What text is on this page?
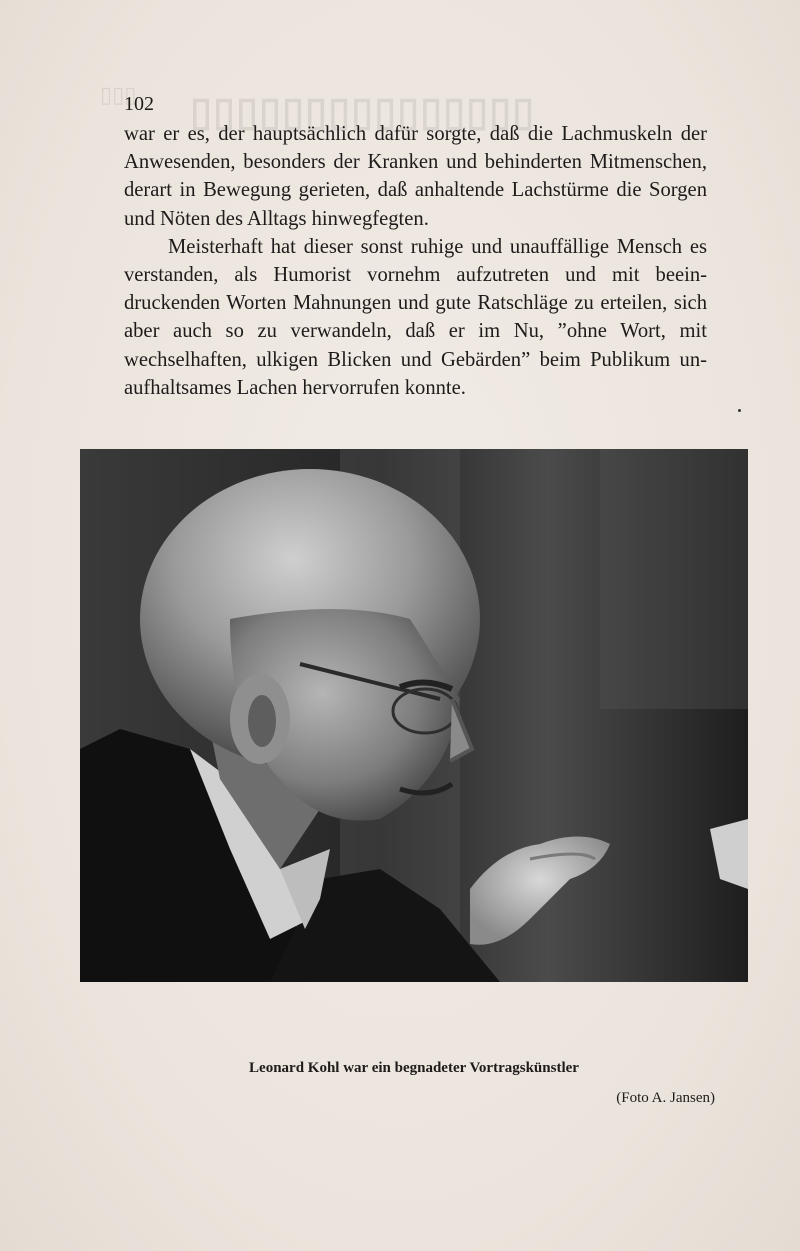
▯▯▯ ▯▯▯▯▯▯▯▯▯▯▯▯▯▯▯
102

war er es, der hauptsächlich dafür sorgte, daß die Lachmuskeln der Anwesenden, besonders der Kranken und behinderten Mitmenschen, derart in Bewegung gerieten, daß anhaltende Lachstürme die Sorgen und Nöten des Alltags hinwegfegten.

Meisterhaft hat dieser sonst ruhige und unauffällige Mensch es verstanden, als Humorist vornehm aufzutreten und mit beeindruckenden Worten Mahnungen und gute Ratschläge zu erteilen, sich aber auch so zu verwandeln, daß er im Nu, ”ohne Wort, mit wechselhaften, ulkigen Blicken und Gebärden” beim Publikum unaufhaltsames Lachen hervorrufen konnte.

Leonard Kohl war ein begnadeter Vortragskünstler
(Foto A. Jansen)
